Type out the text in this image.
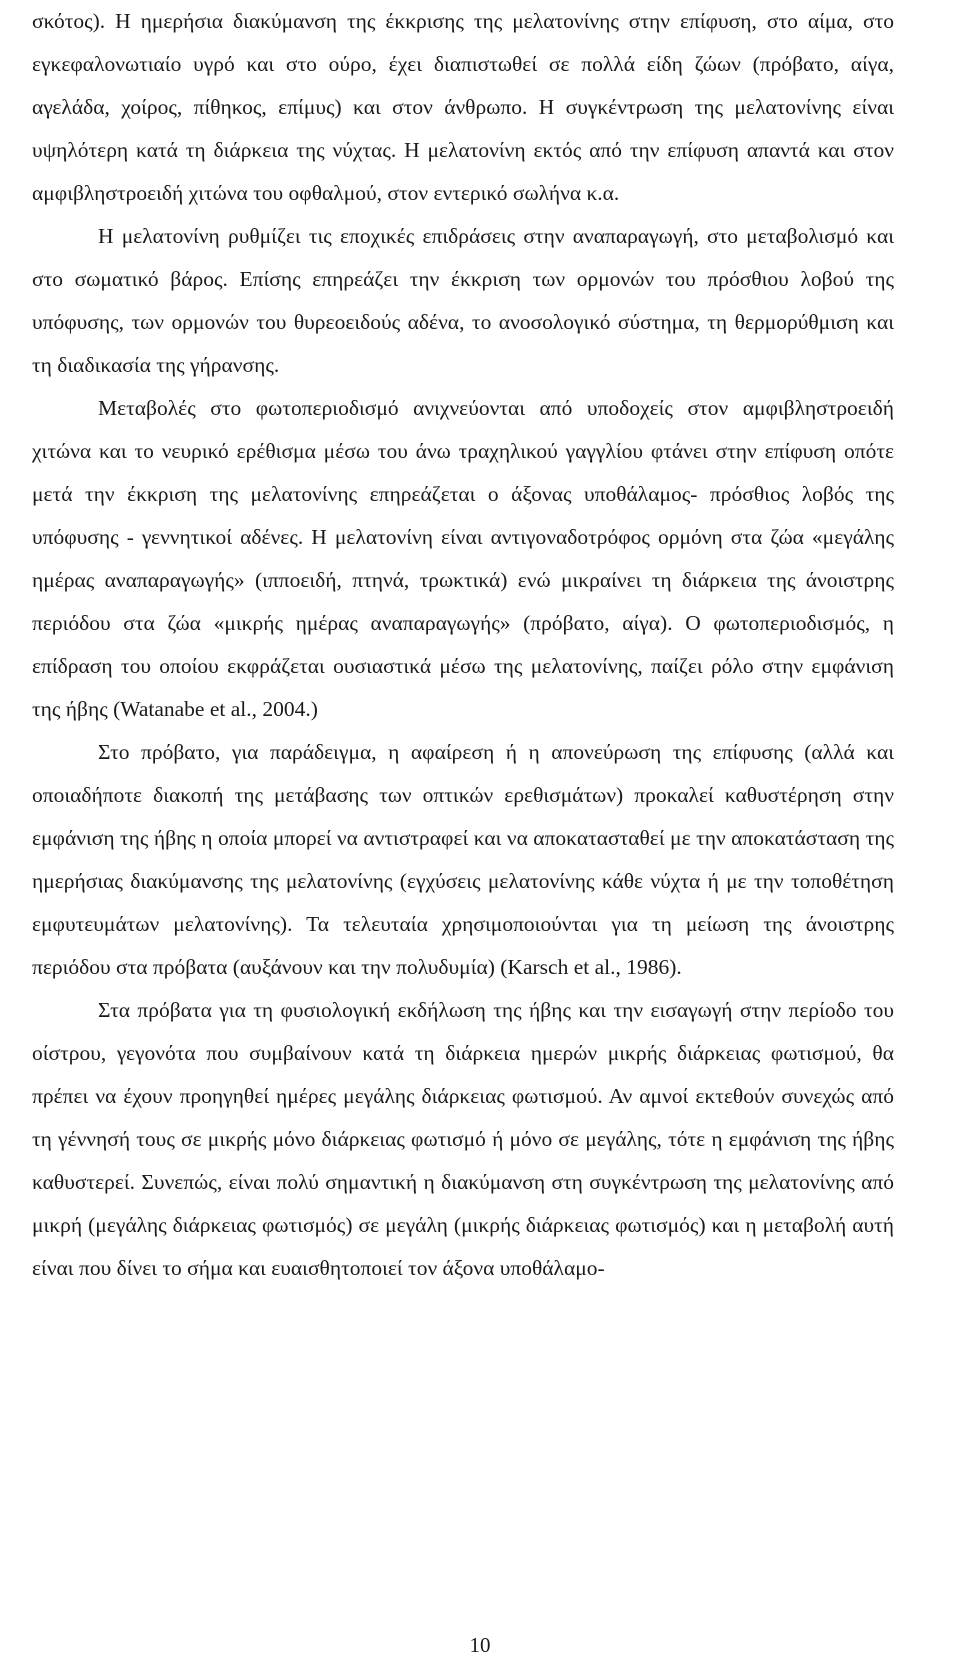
σκότος). Η ημερήσια διακύμανση της έκκρισης της μελατονίνης στην επίφυση, στο αίμα, στο εγκεφαλονωτιαίο υγρό και στο ούρο, έχει διαπιστωθεί σε πολλά είδη ζώων (πρόβατο, αίγα, αγελάδα, χοίρος, πίθηκος, επίμυς) και στον άνθρωπο. Η συγκέντρωση της μελατονίνης είναι υψηλότερη κατά τη διάρκεια της νύχτας. Η μελατονίνη εκτός από την επίφυση απαντά και στον αμφιβληστροειδή χιτώνα του οφθαλμού, στον εντερικό σωλήνα κ.α.

Η μελατονίνη ρυθμίζει τις εποχικές επιδράσεις στην αναπαραγωγή, στο μεταβολισμό και στο σωματικό βάρος. Επίσης επηρεάζει την έκκριση των ορμονών του πρόσθιου λοβού της υπόφυσης, των ορμονών του θυρεοειδούς αδένα, το ανοσολογικό σύστημα, τη θερμορύθμιση και τη διαδικασία της γήρανσης.

Μεταβολές στο φωτοπεριοδισμό ανιχνεύονται από υποδοχείς στον αμφιβληστροειδή χιτώνα και το νευρικό ερέθισμα μέσω του άνω τραχηλικού γαγγλίου φτάνει στην επίφυση οπότε μετά την έκκριση της μελατονίνης επηρεάζεται ο άξονας υποθάλαμος- πρόσθιος λοβός της υπόφυσης - γεννητικοί αδένες. Η μελατονίνη είναι αντιγοναδοτρόφος ορμόνη στα ζώα «μεγάλης ημέρας αναπαραγωγής» (ιπποειδή, πτηνά, τρωκτικά) ενώ μικραίνει τη διάρκεια της άνοιστρης περιόδου στα ζώα «μικρής ημέρας αναπαραγωγής» (πρόβατο, αίγα). Ο φωτοπεριοδισμός, η επίδραση του οποίου εκφράζεται ουσιαστικά μέσω της μελατονίνης, παίζει ρόλο στην εμφάνιση της ήβης (Watanabe et al., 2004.)

Στο πρόβατο, για παράδειγμα, η αφαίρεση ή η απονεύρωση της επίφυσης (αλλά και οποιαδήποτε διακοπή της μετάβασης των οπτικών ερεθισμάτων) προκαλεί καθυστέρηση στην εμφάνιση της ήβης η οποία μπορεί να αντιστραφεί και να αποκατασταθεί με την αποκατάσταση της ημερήσιας διακύμανσης της μελατονίνης (εγχύσεις μελατονίνης κάθε νύχτα ή με την τοποθέτηση εμφυτευμάτων μελατονίνης). Τα τελευταία χρησιμοποιούνται για τη μείωση της άνοιστρης περιόδου στα πρόβατα (αυξάνουν και την πολυδυμία) (Karsch et al., 1986).

Στα πρόβατα για τη φυσιολογική εκδήλωση της ήβης και την εισαγωγή στην περίοδο του οίστρου, γεγονότα που συμβαίνουν κατά τη διάρκεια ημερών μικρής διάρκειας φωτισμού, θα πρέπει να έχουν προηγηθεί ημέρες μεγάλης διάρκειας φωτισμού. Αν αμνοί εκτεθούν συνεχώς από τη γέννησή τους σε μικρής μόνο διάρκειας φωτισμό ή μόνο σε μεγάλης, τότε η εμφάνιση της ήβης καθυστερεί. Συνεπώς, είναι πολύ σημαντική η διακύμανση στη συγκέντρωση της μελατονίνης από μικρή (μεγάλης διάρκειας φωτισμός) σε μεγάλη (μικρής διάρκειας φωτισμός) και η μεταβολή αυτή είναι που δίνει το σήμα και ευαισθητοποιεί τον άξονα υποθάλαμο-

10
